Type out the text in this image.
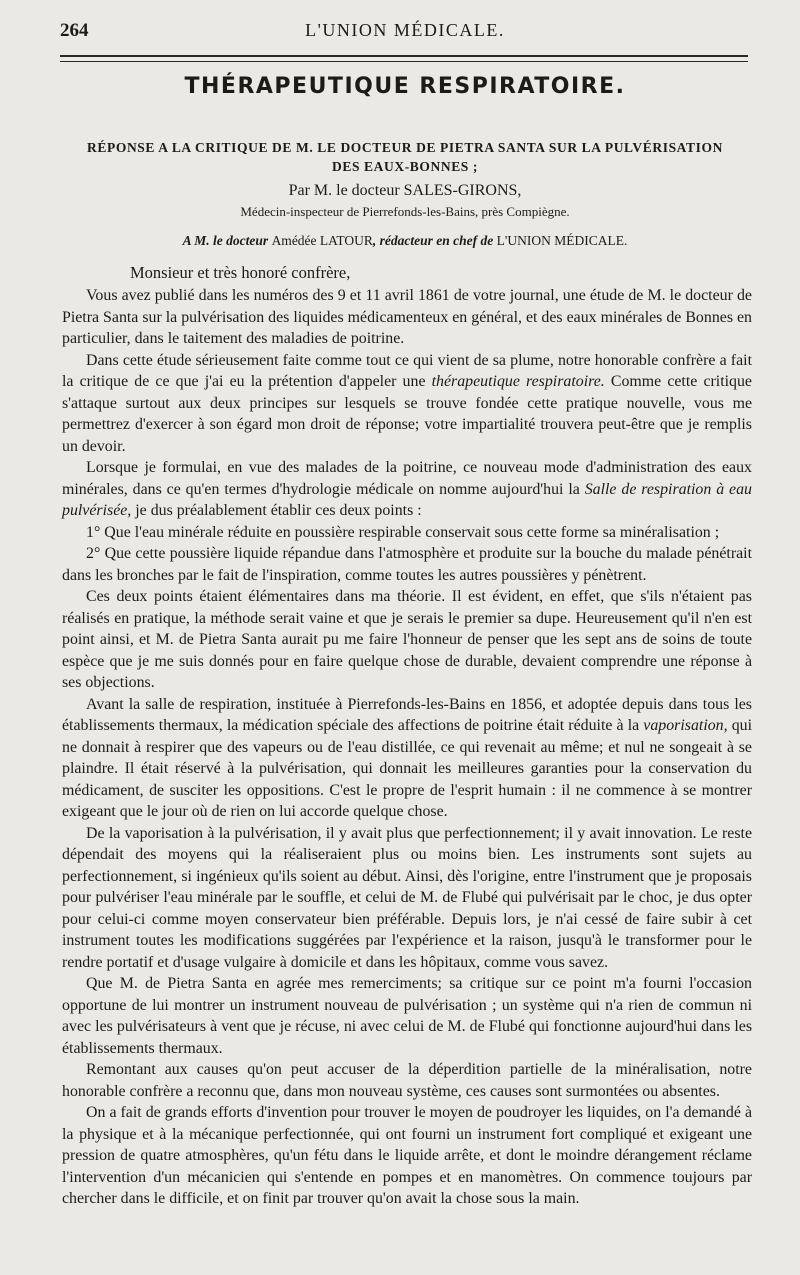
264	L'UNION MÉDICALE.
THÉRAPEUTIQUE RESPIRATOIRE.
RÉPONSE A LA CRITIQUE DE M. LE DOCTEUR DE PIETRA SANTA SUR LA PULVÉRISATION
DES EAUX-BONNES ;
Par M. le docteur SALES-GIRONS,
Médecin-inspecteur de Pierrefonds-les-Bains, près Compiègne.
A M. le docteur Amédée LATOUR, rédacteur en chef de L'UNION MÉDICALE.
Monsieur et très honoré confrère,

Vous avez publié dans les numéros des 9 et 11 avril 1861 de votre journal, une étude de M. le docteur de Pietra Santa sur la pulvérisation des liquides médicamenteux en général, et des eaux minérales de Bonnes en particulier, dans le taitement des maladies de poitrine.

Dans cette étude sérieusement faite comme tout ce qui vient de sa plume, notre honorable confrère a fait la critique de ce que j'ai eu la prétention d'appeler une thérapeutique respiratoire. Comme cette critique s'attaque surtout aux deux principes sur lesquels se trouve fondée cette pratique nouvelle, vous me permettrez d'exercer à son égard mon droit de réponse; votre impartialité trouvera peut-être que je remplis un devoir.

Lorsque je formulai, en vue des malades de la poitrine, ce nouveau mode d'administration des eaux minérales, dans ce qu'en termes d'hydrologie médicale on nomme aujourd'hui la Salle de respiration à eau pulvérisée, je dus préalablement établir ces deux points :

1° Que l'eau minérale réduite en poussière respirable conservait sous cette forme sa minéralisation ;

2° Que cette poussière liquide répandue dans l'atmosphère et produite sur la bouche du malade pénétrait dans les bronches par le fait de l'inspiration, comme toutes les autres poussières y pénètrent.

Ces deux points étaient élémentaires dans ma théorie. Il est évident, en effet, que s'ils n'étaient pas réalisés en pratique, la méthode serait vaine et que je serais le premier sa dupe. Heureusement qu'il n'en est point ainsi, et M. de Pietra Santa aurait pu me faire l'honneur de penser que les sept ans de soins de toute espèce que je me suis donnés pour en faire quelque chose de durable, devaient comprendre une réponse à ses objections.

Avant la salle de respiration, instituée à Pierrefonds-les-Bains en 1856, et adoptée depuis dans tous les établissements thermaux, la médication spéciale des affections de poitrine était réduite à la vaporisation, qui ne donnait à respirer que des vapeurs ou de l'eau distillée, ce qui revenait au même; et nul ne songeait à se plaindre. Il était réservé à la pulvérisation, qui donnait les meilleures garanties pour la conservation du médicament, de susciter les oppositions. C'est le propre de l'esprit humain : il ne commence à se montrer exigeant que le jour où de rien on lui accorde quelque chose.

De la vaporisation à la pulvérisation, il y avait plus que perfectionnement; il y avait innovation. Le reste dépendait des moyens qui la réaliseraient plus ou moins bien. Les instruments sont sujets au perfectionnement, si ingénieux qu'ils soient au début. Ainsi, dès l'origine, entre l'instrument que je proposais pour pulvériser l'eau minérale par le souffle, et celui de M. de Flubé qui pulvérisait par le choc, je dus opter pour celui-ci comme moyen conservateur bien préférable. Depuis lors, je n'ai cessé de faire subir à cet instrument toutes les modifications suggérées par l'expérience et la raison, jusqu'à le transformer pour le rendre portatif et d'usage vulgaire à domicile et dans les hôpitaux, comme vous savez.

Que M. de Pietra Santa en agrée mes remerciments; sa critique sur ce point m'a fourni l'occasion opportune de lui montrer un instrument nouveau de pulvérisation ; un système qui n'a rien de commun ni avec les pulvérisateurs à vent que je récuse, ni avec celui de M. de Flubé qui fonctionne aujourd'hui dans les établissements thermaux.

Remontant aux causes qu'on peut accuser de la déperdition partielle de la minéralisation, notre honorable confrère a reconnu que, dans mon nouveau système, ces causes sont surmontées ou absentes.

On a fait de grands efforts d'invention pour trouver le moyen de poudroyer les liquides, on l'a demandé à la physique et à la mécanique perfectionnée, qui ont fourni un instrument fort compliqué et exigeant une pression de quatre atmosphères, qu'un fétu dans le liquide arrête, et dont le moindre dérangement réclame l'intervention d'un mécanicien qui s'entende en pompes et en manomètres. On commence toujours par chercher dans le difficile, et on finit par trouver qu'on avait la chose sous la main.
